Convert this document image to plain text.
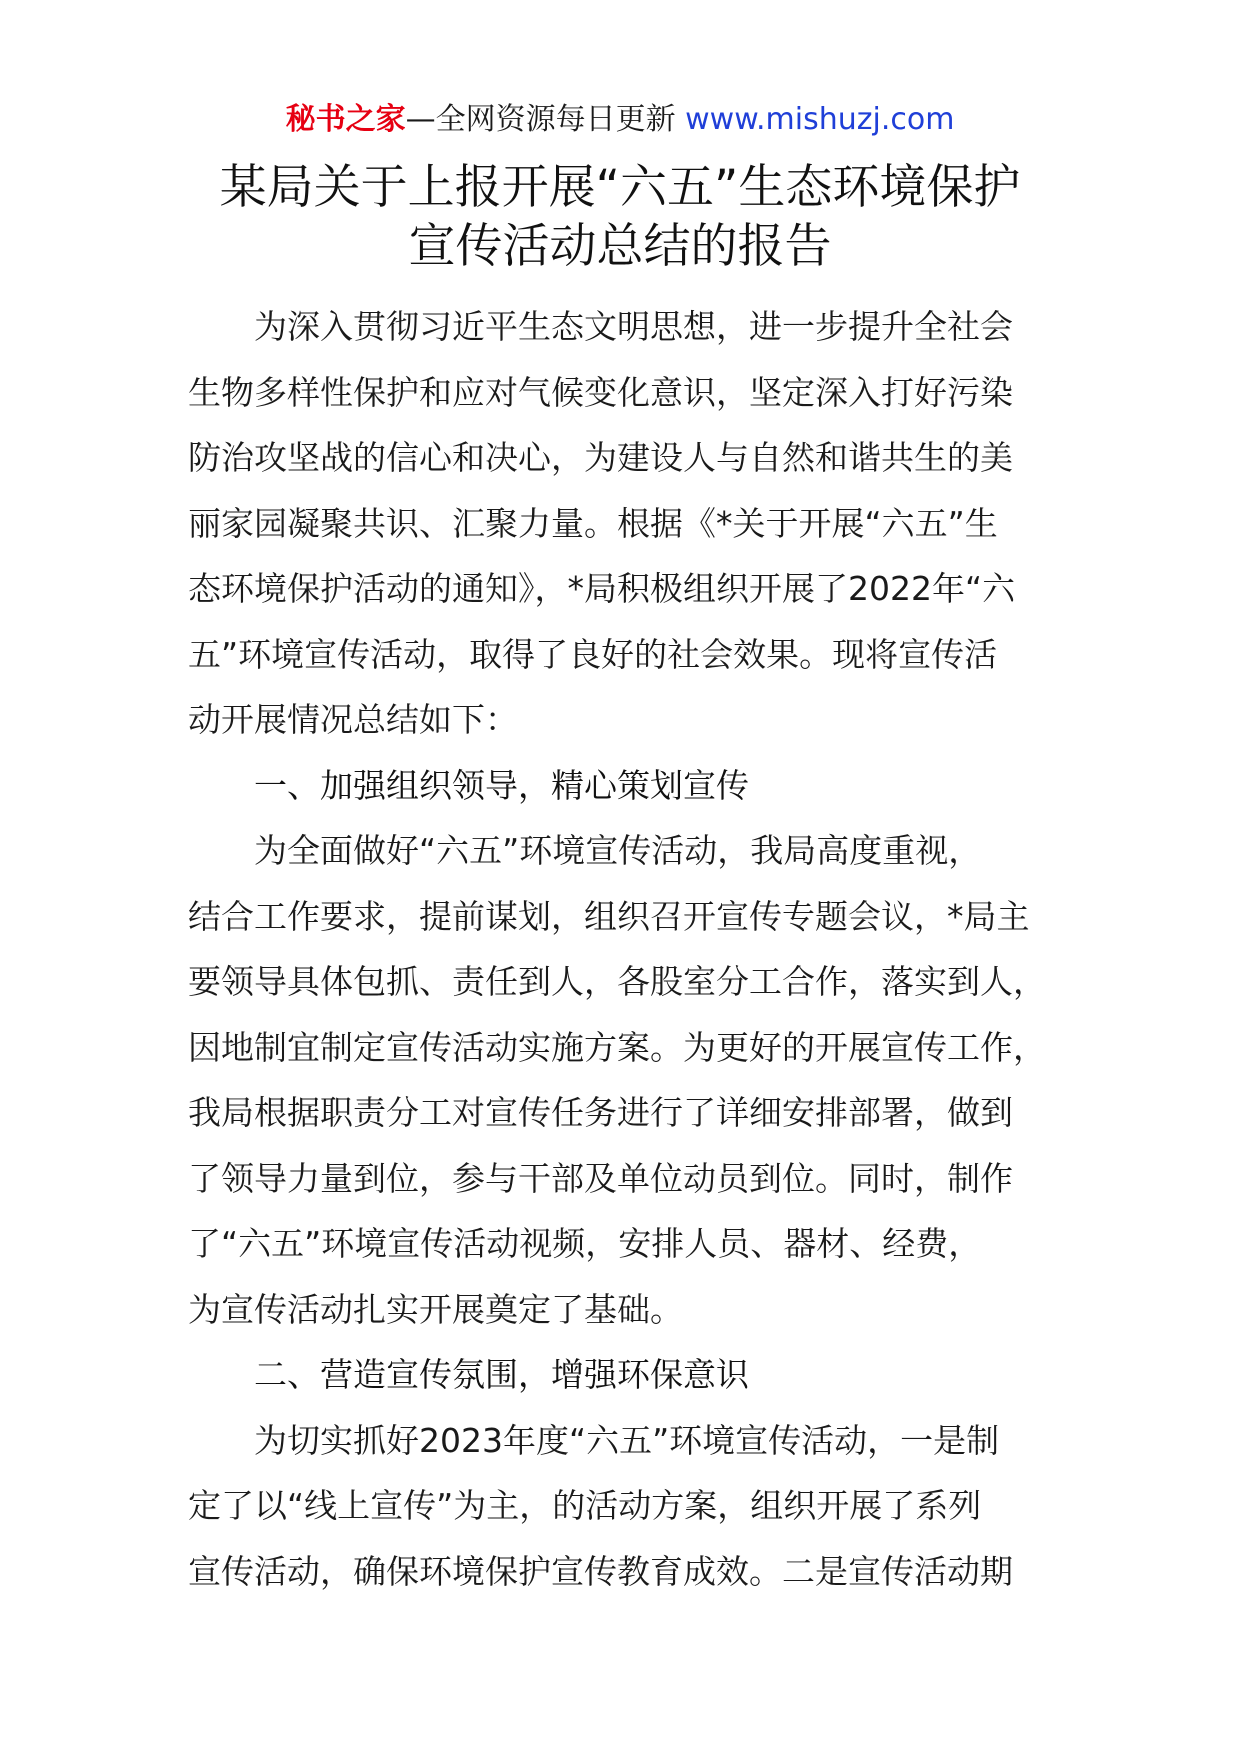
秘书之家—全网资源每日更新 www.mishuzj.com
某局关于上报开展“六五”生态环境保护
宣传活动总结的报告
为深入贯彻习近平生态文明思想，进一步提升全社会
生物多样性保护和应对气候变化意识，坚定深入打好污染
防治攻坚战的信心和决心，为建设人与自然和谐共生的美
丽家园凝聚共识、汇聚力量。根据《*关于开展“六五”生
态环境保护活动的通知》，*局积极组织开展了2022年“六
五”环境宣传活动，取得了良好的社会效果。现将宣传活
动开展情况总结如下：
一、加强组织领导，精心策划宣传
为全面做好“六五”环境宣传活动，我局高度重视，
结合工作要求，提前谋划，组织召开宣传专题会议，*局主
要领导具体包抓、责任到人，各股室分工合作，落实到人，
因地制宜制定宣传活动实施方案。为更好的开展宣传工作，
我局根据职责分工对宣传任务进行了详细安排部署，做到
了领导力量到位，参与干部及单位动员到位。同时，制作
了“六五”环境宣传活动视频，安排人员、器材、经费，
为宣传活动扎实开展奠定了基础。
二、营造宣传氛围，增强环保意识
为切实抓好2023年度“六五”环境宣传活动，一是制
定了以“线上宣传”为主，的活动方案，组织开展了系列
宣传活动，确保环境保护宣传教育成效。二是宣传活动期
